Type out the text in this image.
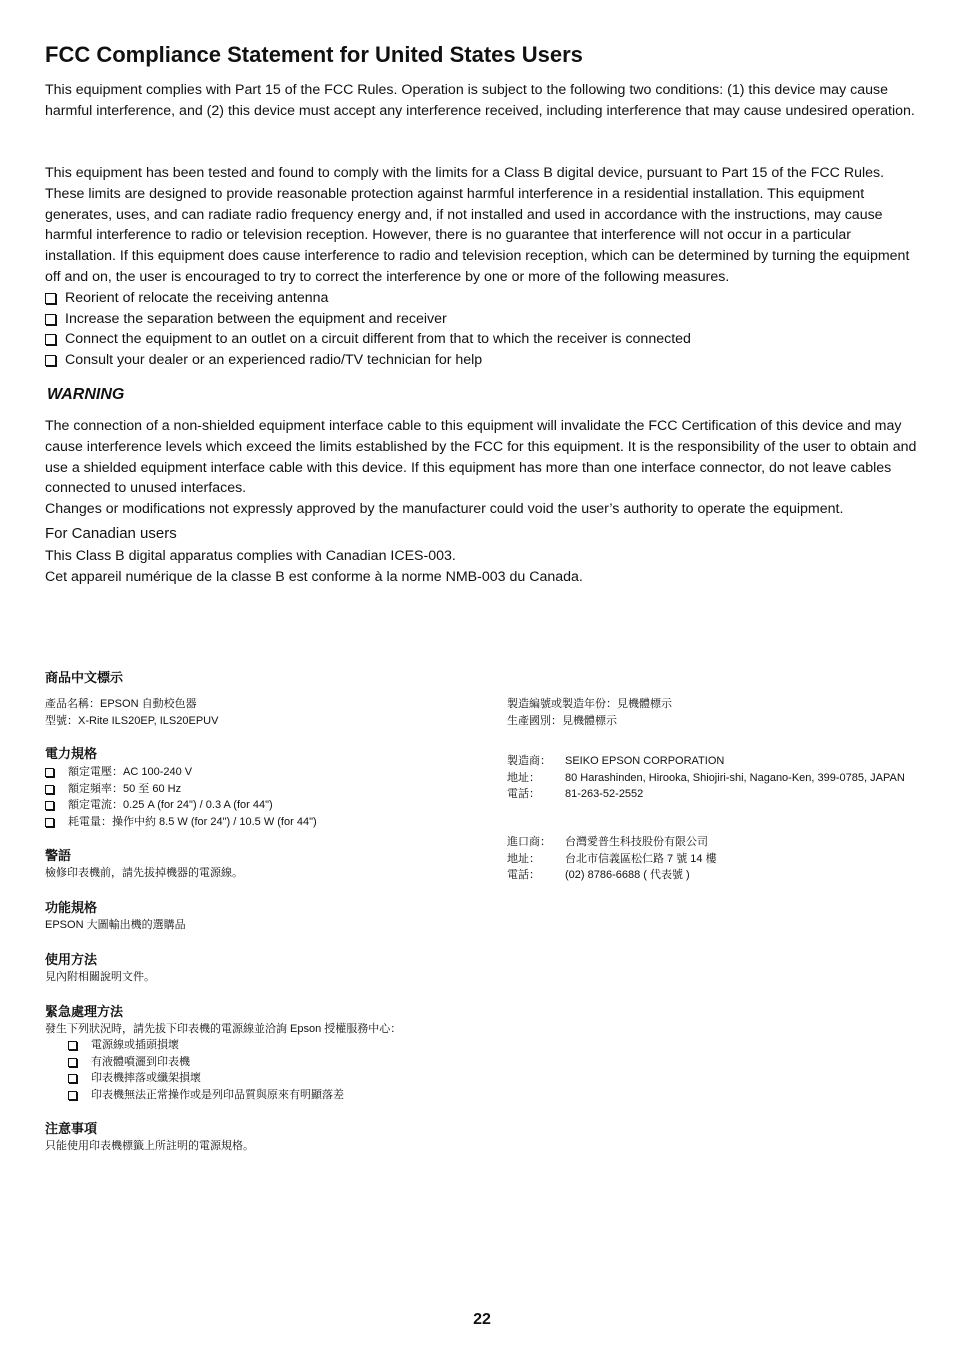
FCC Compliance Statement for United States Users

This equipment complies with Part 15 of the FCC Rules. Operation is subject to the following two conditions: (1) this device may cause harmful interference, and (2) this device must accept any interference received, including interference that may cause undesired operation.

This equipment has been tested and found to comply with the limits for a Class B digital device, pursuant to Part 15 of the FCC Rules. These limits are designed to provide reasonable protection against harmful interference in a residential installation. This equipment generates, uses, and can radiate radio frequency energy and, if not installed and used in accordance with the instructions, may cause harmful interference to radio or television reception. However, there is no guarantee that interference will not occur in a particular installation. If this equipment does cause interference to radio and television reception, which can be determined by turning the equipment off and on, the user is encouraged to try to correct the interference by one or more of the following measures.

Reorient of relocate the receiving antenna
Increase the separation between the equipment and receiver
Connect the equipment to an outlet on a circuit different from that to which the receiver is connected
Consult your dealer or an experienced radio/TV technician for help
WARNING

The connection of a non-shielded equipment interface cable to this equipment will invalidate the FCC Certification of this device and may cause interference levels which exceed the limits established by the FCC for this equipment. It is the responsibility of the user to obtain and use a shielded equipment interface cable with this device. If this equipment has more than one interface connector, do not leave cables connected to unused interfaces.

Changes or modifications not expressly approved by the manufacturer could void the user’s authority to operate the equipment.

For Canadian users

This Class B digital apparatus complies with Canadian ICES-003.

Cet appareil numérique de la classe B est conforme à la norme NMB-003 du Canada.

商品中文標示
產品名稱：EPSON 自動校色器
型號：X-Rite ILS20EP, ILS20EPUV
電力規格
額定電壓：AC 100-240 V
額定頻率：50 至 60 Hz
額定電流：0.25 A (for 24") / 0.3 A (for 44")
耗電量：操作中約 8.5 W (for 24") / 10.5 W (for 44")
警語
檢修印表機前，請先拔掉機器的電源線。
功能規格
EPSON 大圖輸出機的選購品
使用方法
見內附相關說明文件。
緊急處理方法
發生下列狀況時，請先拔下印表機的電源線並洽詢 Epson 授權服務中心：
電源線或插頭損壞
有液體噴灑到印表機
印表機摔落或纖架損壞
印表機無法正常操作或是列印品質與原來有明顯落差
注意事項
只能使用印表機標籤上所註明的電源規格。
製造編號或製造年份：見機體標示
生產國別：見機體標示
製造商：	SEIKO EPSON CORPORATION
地址：	80 Harashinden, Hirooka, Shiojiri-shi, Nagano-Ken, 399-0785, JAPAN
電話：	81-263-52-2552
進口商：	台灣愛普生科技股份有限公司
地址：	台北市信義區松仁路 7 號 14 樓
電話：	(02) 8786-6688 ( 代表號 )
22
